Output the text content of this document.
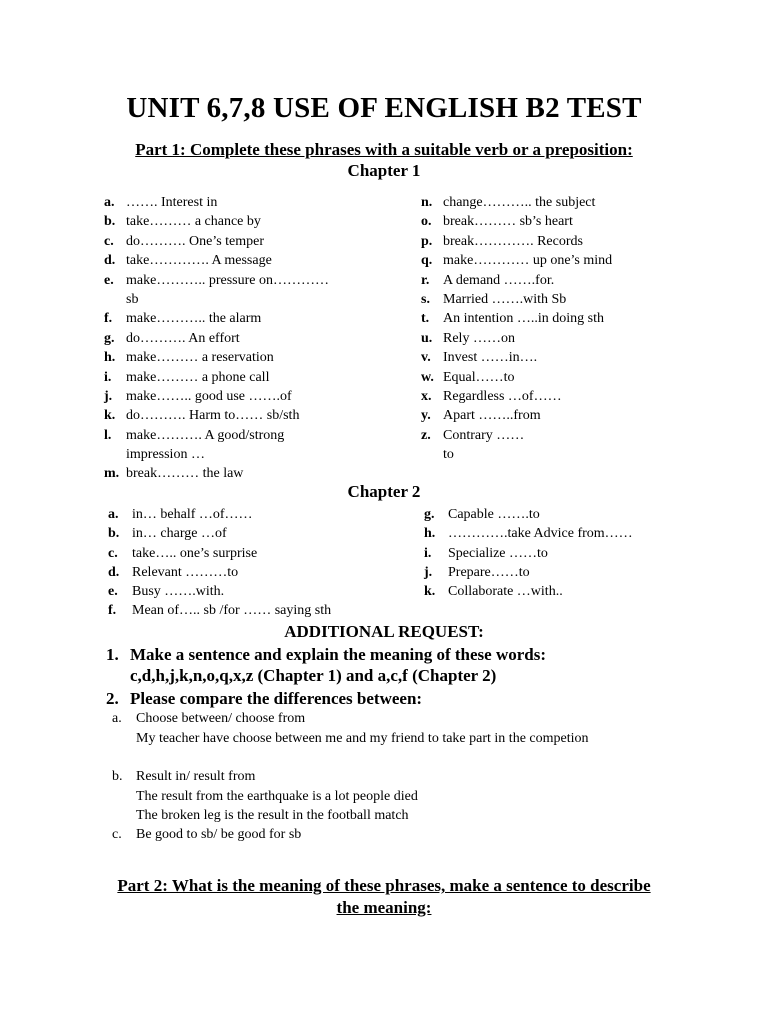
UNIT 6,7,8 USE OF ENGLISH B2 TEST
Part 1: Complete these phrases with a suitable verb or a preposition:
Chapter 1
a. ……. Interest in
b. take……… a chance by
c. do………. One’s temper
d. take…………. A message
e. make……….. pressure on…………
sb
f. make……….. the alarm
g. do………. An effort
h. make……… a reservation
i.	make……… a phone call
j. make…….. good use …….of
k. do………. Harm to…… sb/sth
l.	make………. A good/strong
impression …
m. break……… the law
n. change……….. the subject
o. break……… sb’s heart
p. break…………. Records
q. make………… up one’s mind
r. A demand …….for.
s. Married …….with Sb
t. An intention …..in doing sth
u. Rely ……on
v. Invest ……in….
w. Equal……to
x. Regardless …of……
y. Apart ……..from
z. Contrary ……
to
Chapter 2
a. in… behalf …of……
b. in… charge …of
c.	take….. one’s surprise
d. Relevant ………to
e.	Busy …….with.
f.	Mean of….. sb /for …… saying sth
g. Capable …….to
h. ………….take Advice from……
i.	Specialize ……to
j.	Prepare……to
k. Collaborate …with..
ADDITIONAL REQUEST:
1. Make a sentence and explain the meaning of these words:
c,d,h,j,k,n,o,q,x,z (Chapter 1) and a,c,f (Chapter 2)
2. Please compare the differences between:
a. Choose between/ choose from
My teacher have choose between me and my friend to take part in the competion
b. Result in/ result from
The result from the earthquake is a lot people died
The broken leg is the result in the football match
c. Be good to sb/ be good for sb
Part 2: What is the meaning of these phrases, make a sentence to describe
the meaning:
